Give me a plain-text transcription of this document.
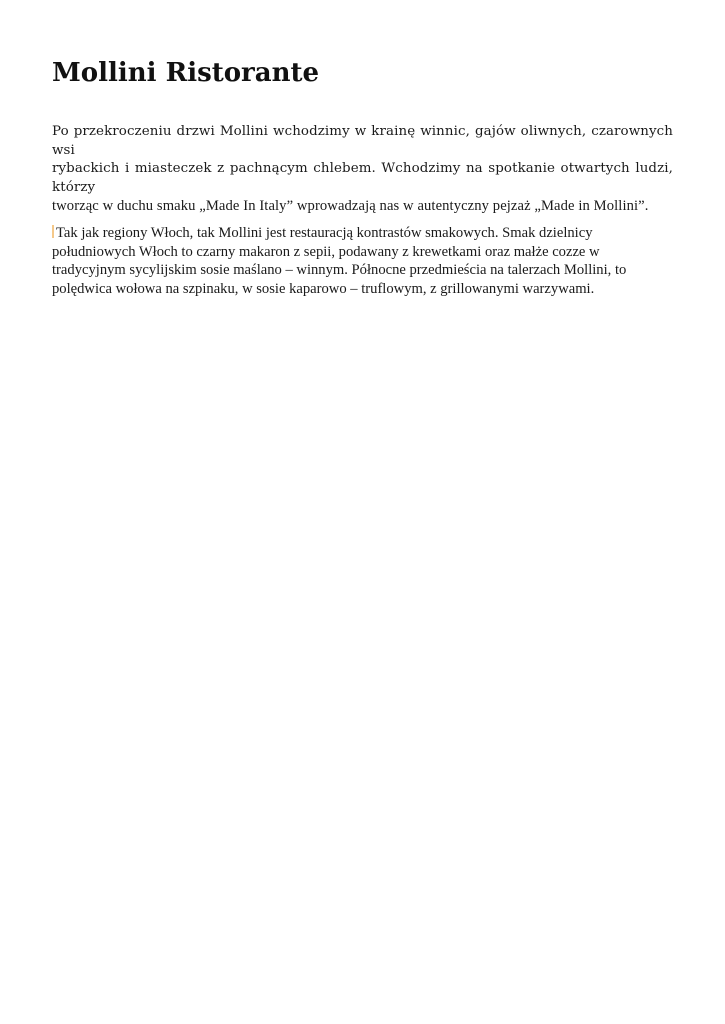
Mollini Ristorante

Po przekroczeniu drzwi Mollini wchodzimy w krainę winnic, gajów oliwnych, czarownych wsi
rybackich i miasteczek z pachnącym chlebem. Wchodzimy na spotkanie otwartych ludzi, którzy
tworząc w duchu smaku „Made In Italy” wprowadzają nas w autentyczny pejzaż „Made in Mollini”.

Tak jak regiony Włoch, tak Mollini jest restauracją kontrastów smakowych. Smak dzielnicy
południowych Włoch to czarny makaron z sepii, podawany z krewetkami oraz małże cozze w
tradycyjnym sycylijskim sosie maślano – winnym. Północne przedmieścia na talerzach Mollini, to
polędwica wołowa na szpinaku, w sosie kaparowo – truflowym, z grillowanymi warzywami.
